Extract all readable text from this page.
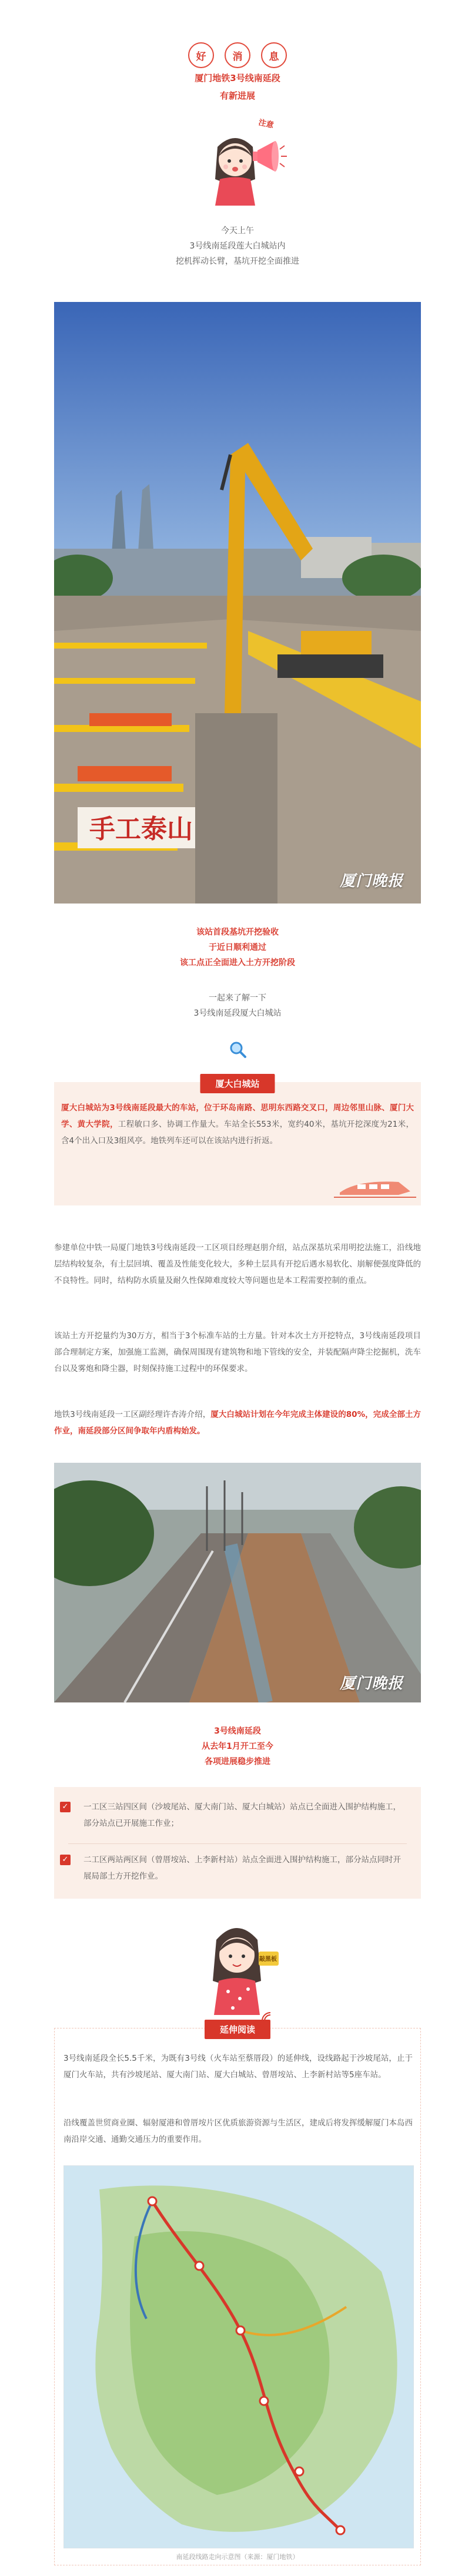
好	消	息
厦门地铁3号线南延段
有新进展
注意
今天上午
3号线南延段莲大白城站内
挖机挥动长臂，基坑开挖全面推进
手工泰山
厦门晚报
该站首段基坑开挖验收
于近日顺利通过
该工点正全面进入土方开挖阶段
一起来了解一下
3号线南延段厦大白城站
厦大白城站
厦大白城站为3号线南延段最大的车站，位于环岛南路、思明东西路交叉口，周边邻里山脉、厦门大学、黄大学院，工程敏口多、协调工作量大。车站全长553米，宽约40米，基坑开挖深度为21米，含4个出入口及3组风亭。地铁列车还可以在该站内进行折返。
参建单位中铁一局厦门地铁3号线南延段一工区项目经理赵朋介绍，站点深基坑采用明挖法施工，沿线地层结构较复杂，有土层回填、覆盖及性能变化较大，多种土层具有开挖后遇水易软化、崩解便强度降低的不良特性。同时，结构防水质量及耐久性保障难度较大等问题也是本工程需要控制的重点。
该站土方开挖量约为30万方，相当于3个标准车站的土方量。针对本次土方开挖特点，3号线南延段项目部合理制定方案，加强施工监测，确保周围现有建筑物和地下管线的安全，并装配隔声降尘挖掘机，洗车台以及雾炮和降尘器，时刻保持施工过程中的环保要求。
地铁3号线南延段一工区副经理许杏涛介绍，厦大白城站计划在今年完成主体建设的80%，完成全部土方作业，南延段部分区间争取年内盾构始发。
厦门晚报
3号线南延段
从去年1月开工至今
各项进展稳步推进
✓ 一工区三站四区间（沙坡尾站、厦大南门站、厦大白城站）站点已全面进入围护结构施工，部分站点已开展施工作业；
✓ 二工区两站两区间（曾厝垵站、上李新村站）站点全面进入围护结构施工，部分站点同时开展局部土方开挖作业。
敲黑板
延伸阅读
3号线南延段全长5.5千米，为既有3号线（火车站至蔡厝段）的延伸线，设线路起于沙坡尾站，止于厦门火车站，共有沙坡尾站、厦大南门站、厦大白城站、曾厝垵站、上李新村站等5座车站。
沿线覆盖世贸商业圈、辐射厦港和曾厝垵片区优质旅游资源与生活区，建成后将发挥缓解厦门本岛西南沿岸交通、通勤交通压力的重要作用。
南延段线路走向示意图（来源：厦门地铁）
